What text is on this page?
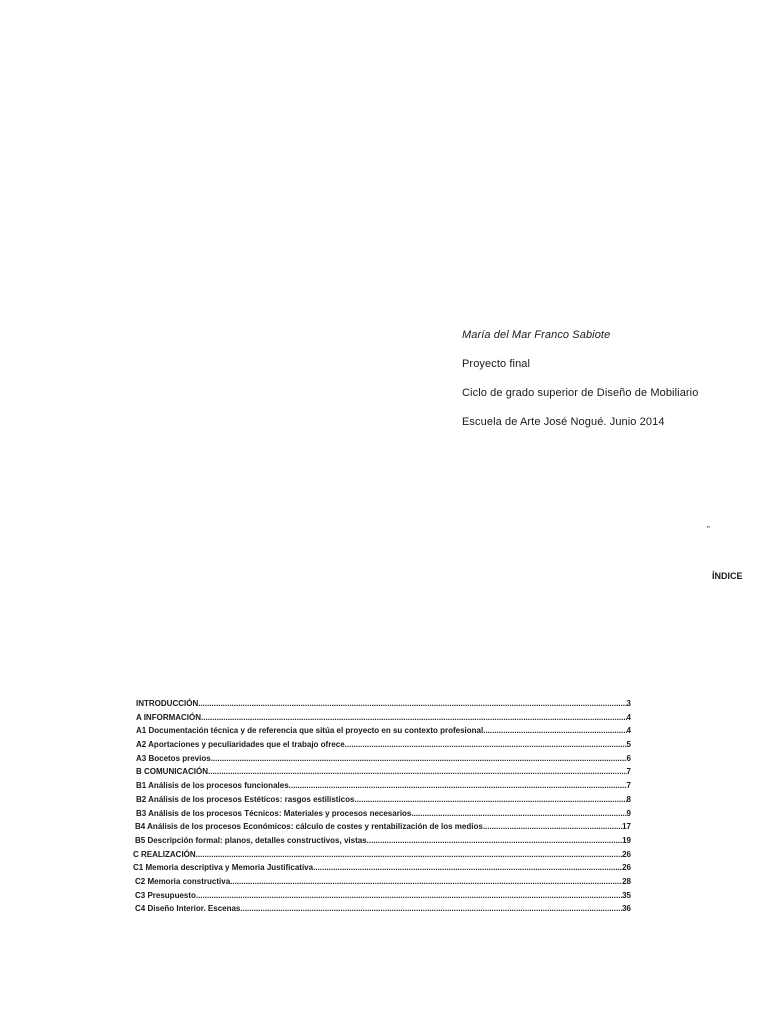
María del Mar Franco Sabiote
Proyecto final
Ciclo de grado superior de Diseño de Mobiliario
Escuela de Arte José Nogué. Junio 2014
"
ÍNDICE
INTRODUCCIÓN .....	3
A INFORMACIÓN .....	4
A1 Documentación técnica y de referencia que sitúa el proyecto en su contexto profesional .....	4
A2 Aportaciones y peculiaridades que el trabajo ofrece .....	5
A3 Bocetos previos .....	6
B COMUNICACIÓN .....	7
B1 Análisis de los procesos funcionales .....	7
B2 Análisis de los procesos Estéticos: rasgos estilísticos .....	8
B3 Análisis de los procesos Técnicos: Materiales y procesos necesarios .....	9
B4 Análisis de los procesos Económicos: cálculo de costes y rentabilización de los medios .....	17
B5 Descripción formal: planos, detalles constructivos, vistas .....	19
C REALIZACIÓN .....	26
C1 Memoria descriptiva y Memoria Justificativa .....	26
C2 Memoria constructiva .....	28
C3 Presupuesto .....	35
C4 Diseño Interior. Escenas .....	36
